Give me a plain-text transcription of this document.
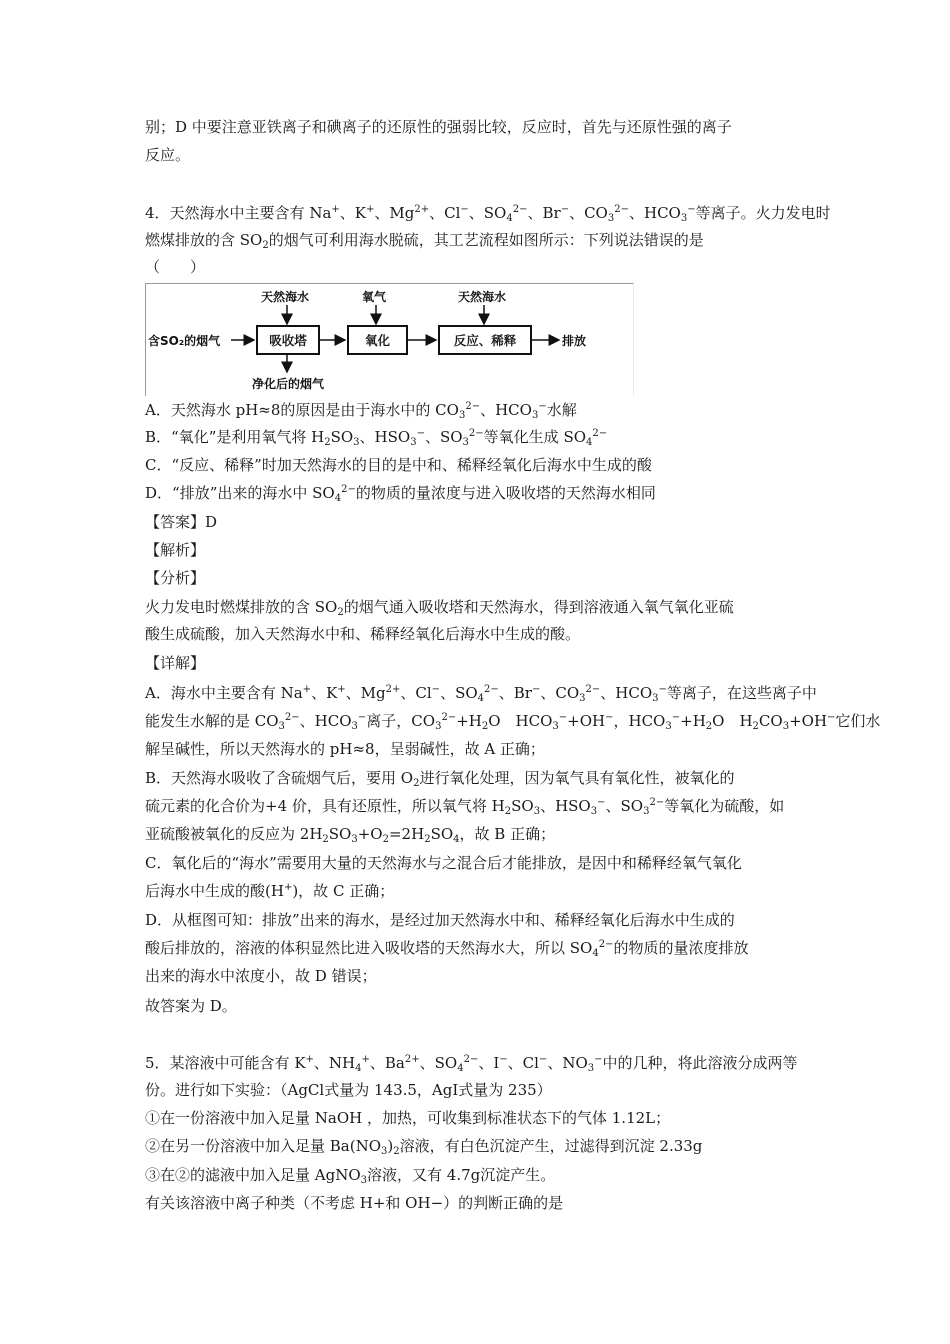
别；D 中要注意亚铁离子和碘离子的还原性的强弱比较，反应时，首先与还原性强的离子
反应。
4．天然海水中主要含有 Na+、K+、$Mg^{2+}$、Cl−、$SO_4^{2-}$、Br−、$CO_3^{2-}$、$HCO_3^-$等离子。火力发电时
燃煤排放的含 $SO_2$的烟气可利用海水脱硫，其工艺流程如图所示：下列说法错误的是
（　　）
含SO₂的烟气
天然海水
吸收塔
氧气
氧化
天然海水
反应、稀释	排放
净化后的烟气
A．天然海水 pH≈8的原因是由于海水中的 $CO_3^{2-}$、$HCO_3^-$水解
B．“氧化”是利用氧气将 $H_2SO_3$、$HSO_3^-$、$SO_3^{2-}$等氧化生成 $SO_4^{2-}$
C．“反应、稀释”时加天然海水的目的是中和、稀释经氧化后海水中生成的酸
D．“排放”出来的海水中 $SO_4^{2-}$的物质的量浓度与进入吸收塔的天然海水相同
【答案】D
【解析】
【分析】
火力发电时燃煤排放的含 $SO_2$的烟气通入吸收塔和天然海水，得到溶液通入氧气氧化亚硫
酸生成硫酸，加入天然海水中和、稀释经氧化后海水中生成的酸。
【详解】
A．海水中主要含有 Na+、K+、$Mg^{2+}$、Cl−、$SO_4^{2-}$、Br−、$CO_3^{2-}$、$HCO_3^-$等离子，在这些离子中
能发生水解的是 $CO_3^{2-}$、$HCO_3^-$离子，$CO_3^{2-}+H_2O$　$HCO_3^-+OH^-$，$HCO_3^-+H_2O$　$H_2CO_3+OH^-$它们水
解呈碱性，所以天然海水的 pH≈8，呈弱碱性，故 A 正确；
B．天然海水吸收了含硫烟气后，要用 $O_2$进行氧化处理，因为氧气具有氧化性，被氧化的
硫元素的化合价为+4 价，具有还原性，所以氧气将 $H_2SO_3$、$HSO_3^-$、$SO_3^{2-}$等氧化为硫酸，如
亚硫酸被氧化的反应为 $2H_2SO_3+O_2=2H_2SO_4$，故 B 正确；
C．氧化后的“海水”需要用大量的天然海水与之混合后才能排放，是因中和稀释经氧气氧化
后海水中生成的酸(H+)，故 C 正确；
D．从框图可知：排放”出来的海水，是经过加天然海水中和、稀释经氧化后海水中生成的
酸后排放的，溶液的体积显然比进入吸收塔的天然海水大，所以 $SO_4^{2-}$的物质的量浓度排放
出来的海水中浓度小，故 D 错误；
故答案为 D。
5．某溶液中可能含有 K+、$NH_4^+$、$Ba^{2+}$、$SO_4^{2-}$、I−、Cl−、$NO_3^-$中的几种，将此溶液分成两等
份。进行如下实验：（AgCl式量为 143.5，AgI式量为 235）
①在一份溶液中加入足量 NaOH ，加热，可收集到标准状态下的气体 1.12L；
②在另一份溶液中加入足量 $Ba(NO_3)_2$溶液，有白色沉淀产生，过滤得到沉淀 2.33g
③在②的滤液中加入足量 AgNO$_3$溶液，又有 4.7g沉淀产生。
有关该溶液中离子种类（不考虑 H+和 OH−）的判断正确的是
